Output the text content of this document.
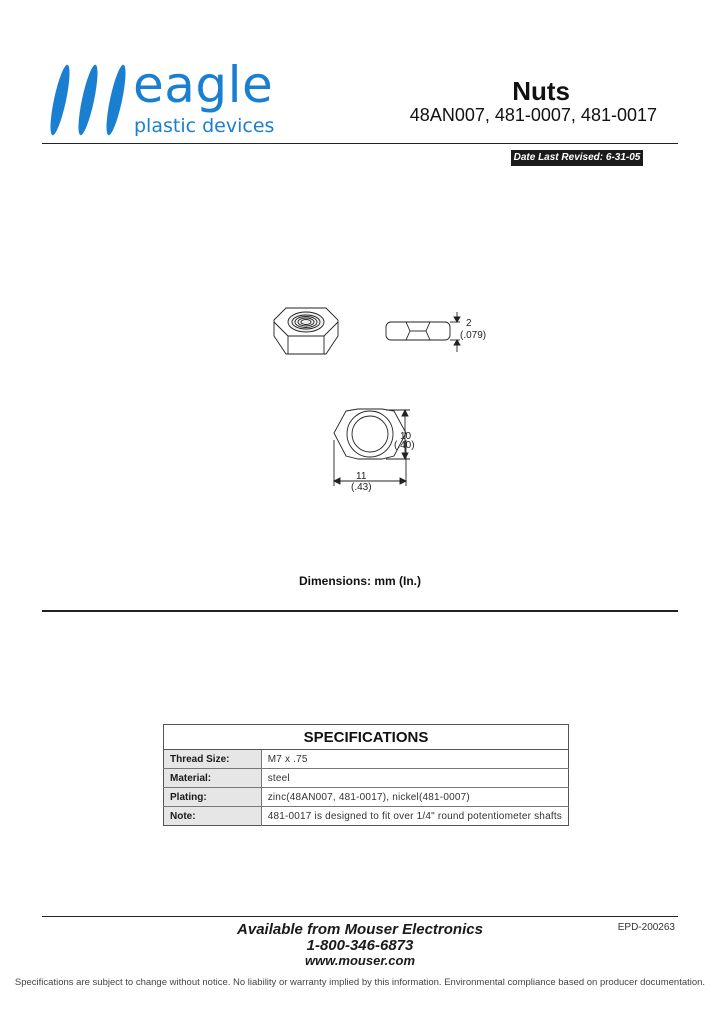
eagle
plastic devices
Nuts
48AN007, 481-0007, 481-0017
Date Last Revised: 6-31-05
2
(.079)
10
(.40)
11
(.43)
Dimensions: mm (In.)
SPECIFICATIONS	
Thread Size:	M7 x .75
Material:	steel
Plating:	zinc(48AN007, 481-0017), nickel(481-0007)
Note:	481-0017 is designed to fit over 1/4" round potentiometer shafts
Available from Mouser Electronics
1-800-346-6873
www.mouser.com
EPD-200263
Specifications are subject to change without notice. No liability or warranty implied by this information. Environmental compliance based on producer documentation.
